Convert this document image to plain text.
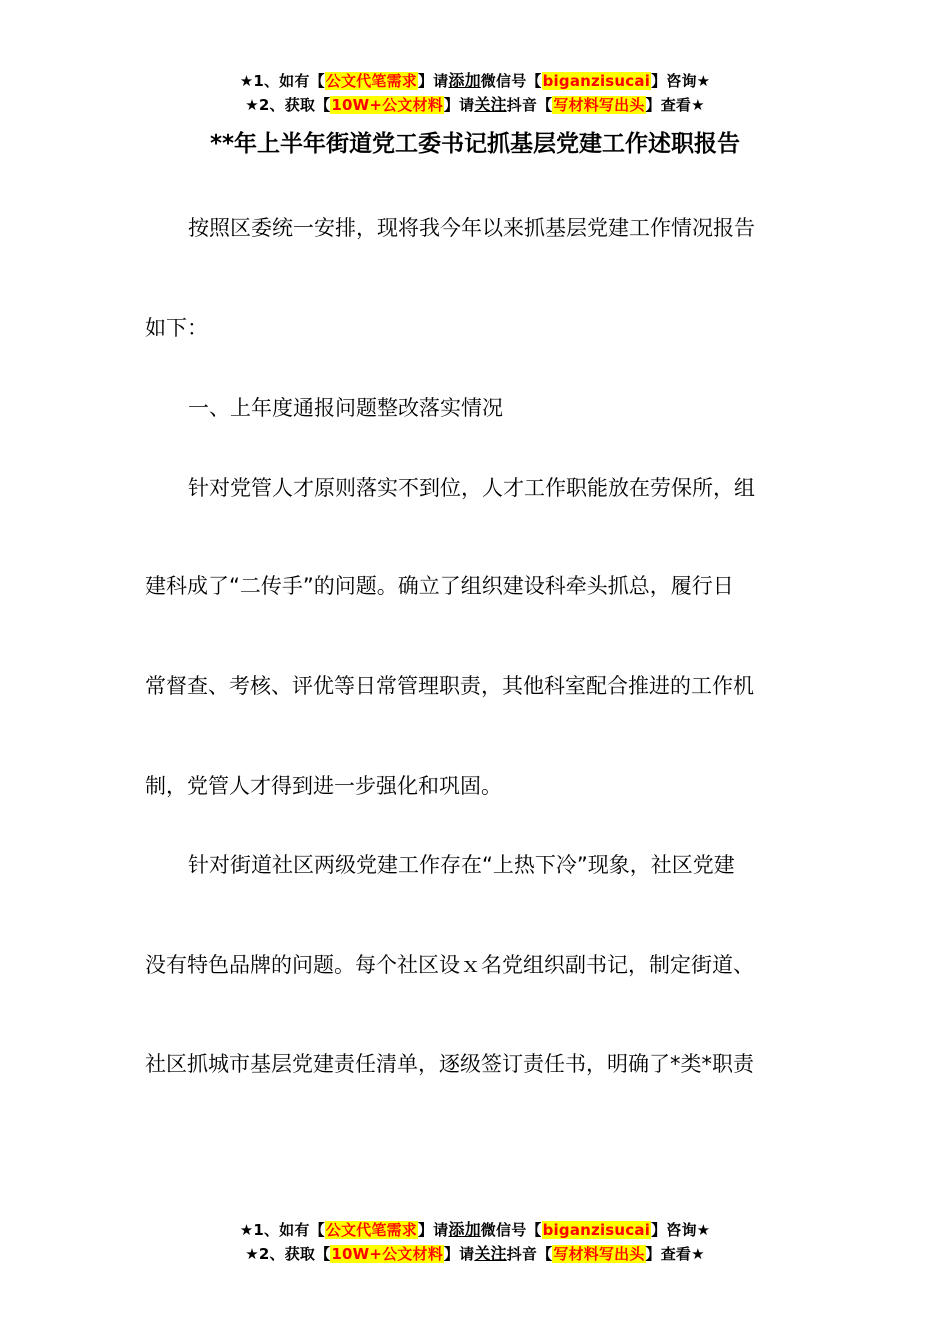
★1、如有【公文代笔需求】请添加微信号【biganzisucai】咨询★
★2、获取【10W+公文材料】请关注抖音【写材料写出头】查看★
**年上半年街道党工委书记抓基层党建工作述职报告
按照区委统一安排，现将我今年以来抓基层党建工作情况报告
如下：
一、上年度通报问题整改落实情况
针对党管人才原则落实不到位，人才工作职能放在劳保所，组
建科成了“二传手”的问题。确立了组织建设科牵头抓总，履行日
常督查、考核、评优等日常管理职责，其他科室配合推进的工作机
制，党管人才得到进一步强化和巩固。
针对街道社区两级党建工作存在“上热下冷”现象，社区党建
没有特色品牌的问题。每个社区设ｘ名党组织副书记，制定街道、
社区抓城市基层党建责任清单，逐级签订责任书，明确了*类*职责
★1、如有【公文代笔需求】请添加微信号【biganzisucai】咨询★
★2、获取【10W+公文材料】请关注抖音【写材料写出头】查看★
